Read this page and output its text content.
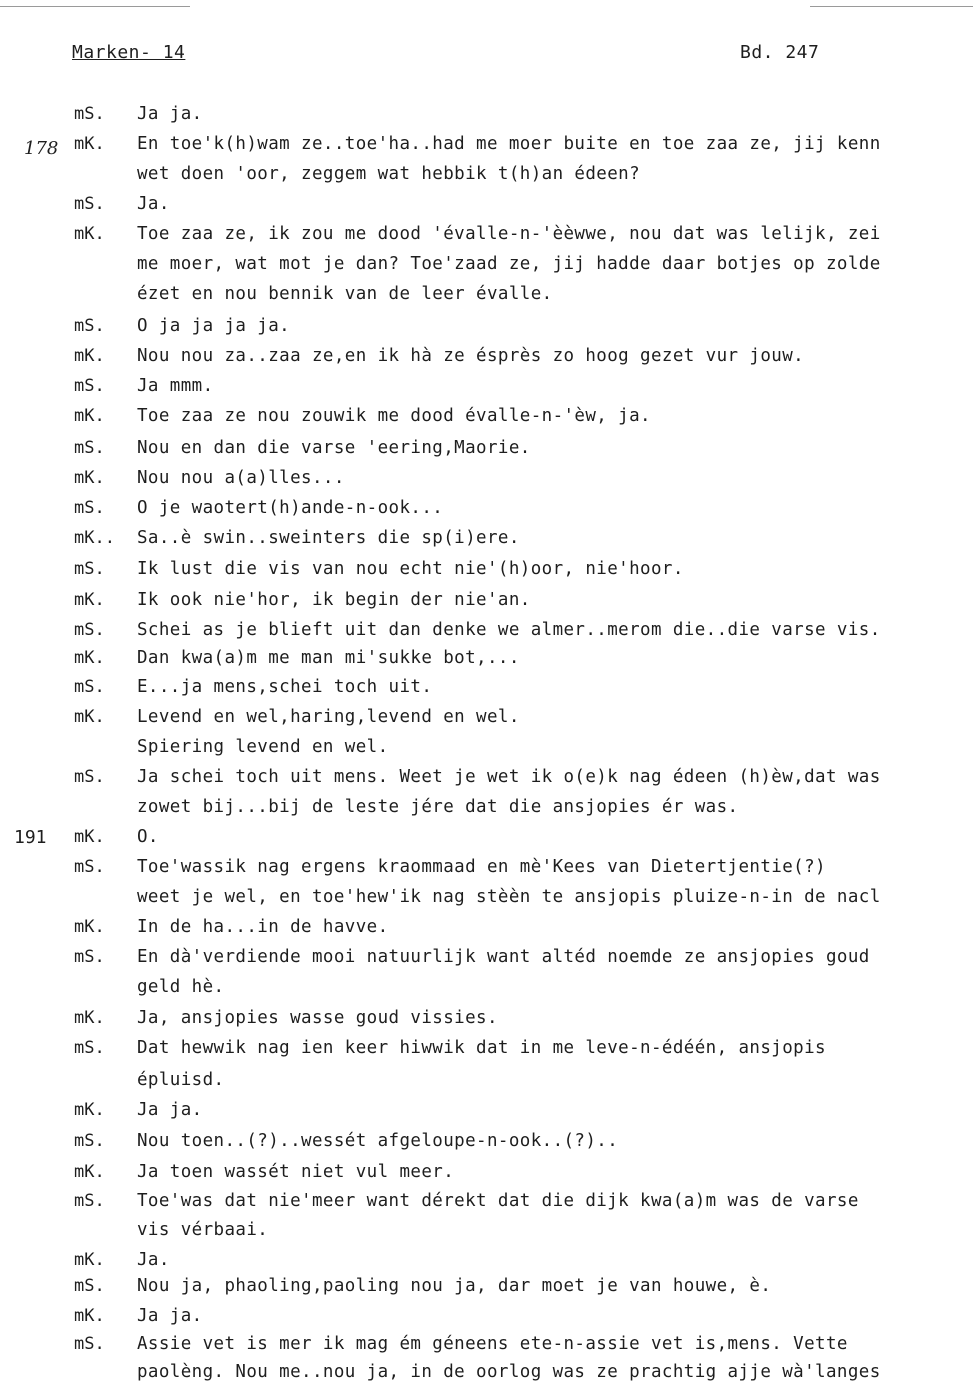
Marken- 14	Bd. 247
178
191
mS. Ja ja.
mK. En toe'k(h)wam ze..toe'ha..had me moer buite en toe zaa ze, jij kenn
wet doen 'oor, zeggem wat hebbik t(h)an édeen?
mS. Ja.
mK. Toe zaa ze, ik zou me dood 'évalle-n-'èèwwe, nou dat was lelijk, zei
me moer, wat mot je dan? Toe'zaad ze, jij hadde daar botjes op zolde
ézet en nou bennik van de leer évalle.
mS. O ja ja ja ja.
mK. Nou nou za..zaa ze,en ik hà ze ésprès zo hoog gezet vur jouw.
mS. Ja mmm.
mK. Toe zaa ze nou zouwik me dood évalle-n-'èw, ja.
mS. Nou en dan die varse 'eering,Maorie.
mK. Nou nou a(a)lles...
mS. O je waotert(h)ande-n-ook...
mK.. Sa..è swin..sweinters die sp(i)ere.
mS. Ik lust die vis van nou echt nie'(h)oor, nie'hoor.
mK. Ik ook nie'hor, ik begin der nie'an.
mS. Schei as je blieft uit dan denke we almer..merom die..die varse vis.
mK. Dan kwa(a)m me man mi'sukke bot,...
mS. E...ja mens,schei toch uit.
mK. Levend en wel,haring,levend en wel.
Spiering levend en wel.
mS. Ja schei toch uit mens. Weet je wet ik o(e)k nag édeen (h)èw,dat was
zowet bij...bij de leste jére dat die ansjopies ér was.
mK. O.
mS. Toe'wassik nag ergens kraommaad en mè'Kees van Dietertjentie(?)
weet je wel, en toe'hew'ik nag stèèn te ansjopis pluize-n-in de nacl
mK. In de ha...in de havve.
mS. En dà'verdiende mooi natuurlijk want altéd noemde ze ansjopies goud
geld hè.
mK. Ja, ansjopies wasse goud vissies.
mS. Dat hewwik nag ien keer hiwwik dat in me leve-n-édéén, ansjopis
épluisd.
mK. Ja ja.
mS. Nou toen..(?)..wessét afgeloupe-n-ook..(?)..
mK. Ja toen wassét niet vul meer.
mS. Toe'was dat nie'meer want dérekt dat die dijk kwa(a)m was de varse
vis vérbaai.
mK. Ja.
mS. Nou ja, phaoling,paoling nou ja, dar moet je van houwe, è.
mK. Ja ja.
mS. Assie vet is mer ik mag ém géneens ete-n-assie vet is,mens. Vette
paolèng. Nou me..nou ja, in de oorlog was ze prachtig ajje wà'langes
